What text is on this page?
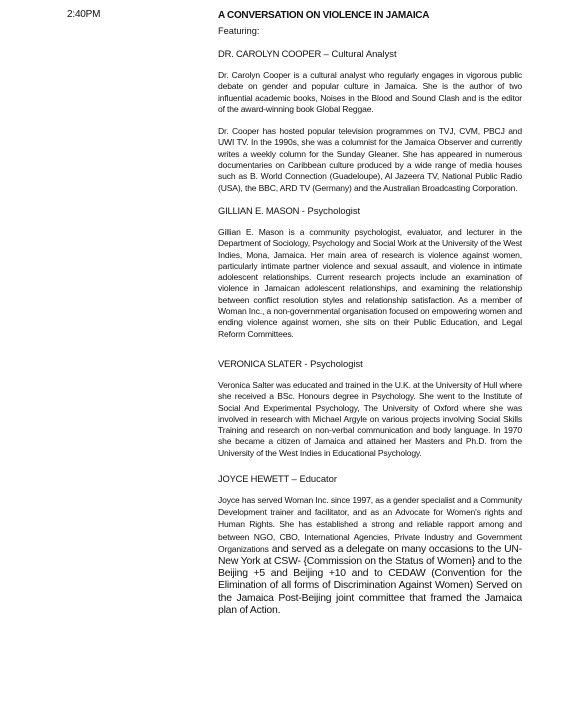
2:40PM	A CONVERSATION ON VIOLENCE IN JAMAICA
Featuring:
DR. CAROLYN COOPER – Cultural Analyst

Dr. Carolyn Cooper is a cultural analyst who regularly engages in vigorous public debate on gender and popular culture in Jamaica. She is the author of two influential academic books, Noises in the Blood and Sound Clash and is the editor of the award-winning book Global Reggae.

Dr. Cooper has hosted popular television programmes on TVJ, CVM, PBCJ and UWI TV. In the 1990s, she was a columnist for the Jamaica Observer and currently writes a weekly column for the Sunday Gleaner. She has appeared in numerous documentaries on Caribbean culture produced by a wide range of media houses such as B. World Connection (Guadeloupe), Al Jazeera TV, National Public Radio (USA), the BBC, ARD TV (Germany) and the Australian Broadcasting Corporation.

GILLIAN E. MASON - Psychologist

Gillian E. Mason is a community psychologist, evaluator, and lecturer in the Department of Sociology, Psychology and Social Work at the University of the West Indies, Mona, Jamaica. Her main area of research is violence against women, particularly intimate partner violence and sexual assault, and violence in intimate adolescent relationships. Current research projects include an examination of violence in Jamaican adolescent relationships, and examining the relationship between conflict resolution styles and relationship satisfaction. As a member of Woman Inc., a non-governmental organisation focused on empowering women and ending violence against women, she sits on their Public Education, and Legal Reform Committees.

VERONICA SLATER - Psychologist

Veronica Salter was educated and trained in the U.K. at the University of Hull where she received a BSc. Honours degree in Psychology. She went to the Institute of Social And Experimental Psychology, The University of Oxford where she was involved in research with Michael Argyle on various projects involving Social Skills Training and research on non-verbal communication and body language. In 1970 she became a citizen of Jamaica and attained her Masters and Ph.D. from the University of the West Indies in Educational Psychology.

JOYCE HEWETT – Educator

Joyce has served Woman Inc. since 1997, as a gender specialist and a Community Development trainer and facilitator, and as an Advocate for Women's rights and Human Rights. She has established a strong and reliable rapport among and between NGO, CBO, International Agencies, Private Industry and Government Organizations and served as a delegate on many occasions to the UN-New York at CSW- {Commission on the Status of Women} and to the Beijing +5 and Beijing +10 and to CEDAW (Convention for the Elimination of all forms of Discrimination Against Women) Served on the Jamaica Post-Beijing joint committee that framed the Jamaica plan of Action.
